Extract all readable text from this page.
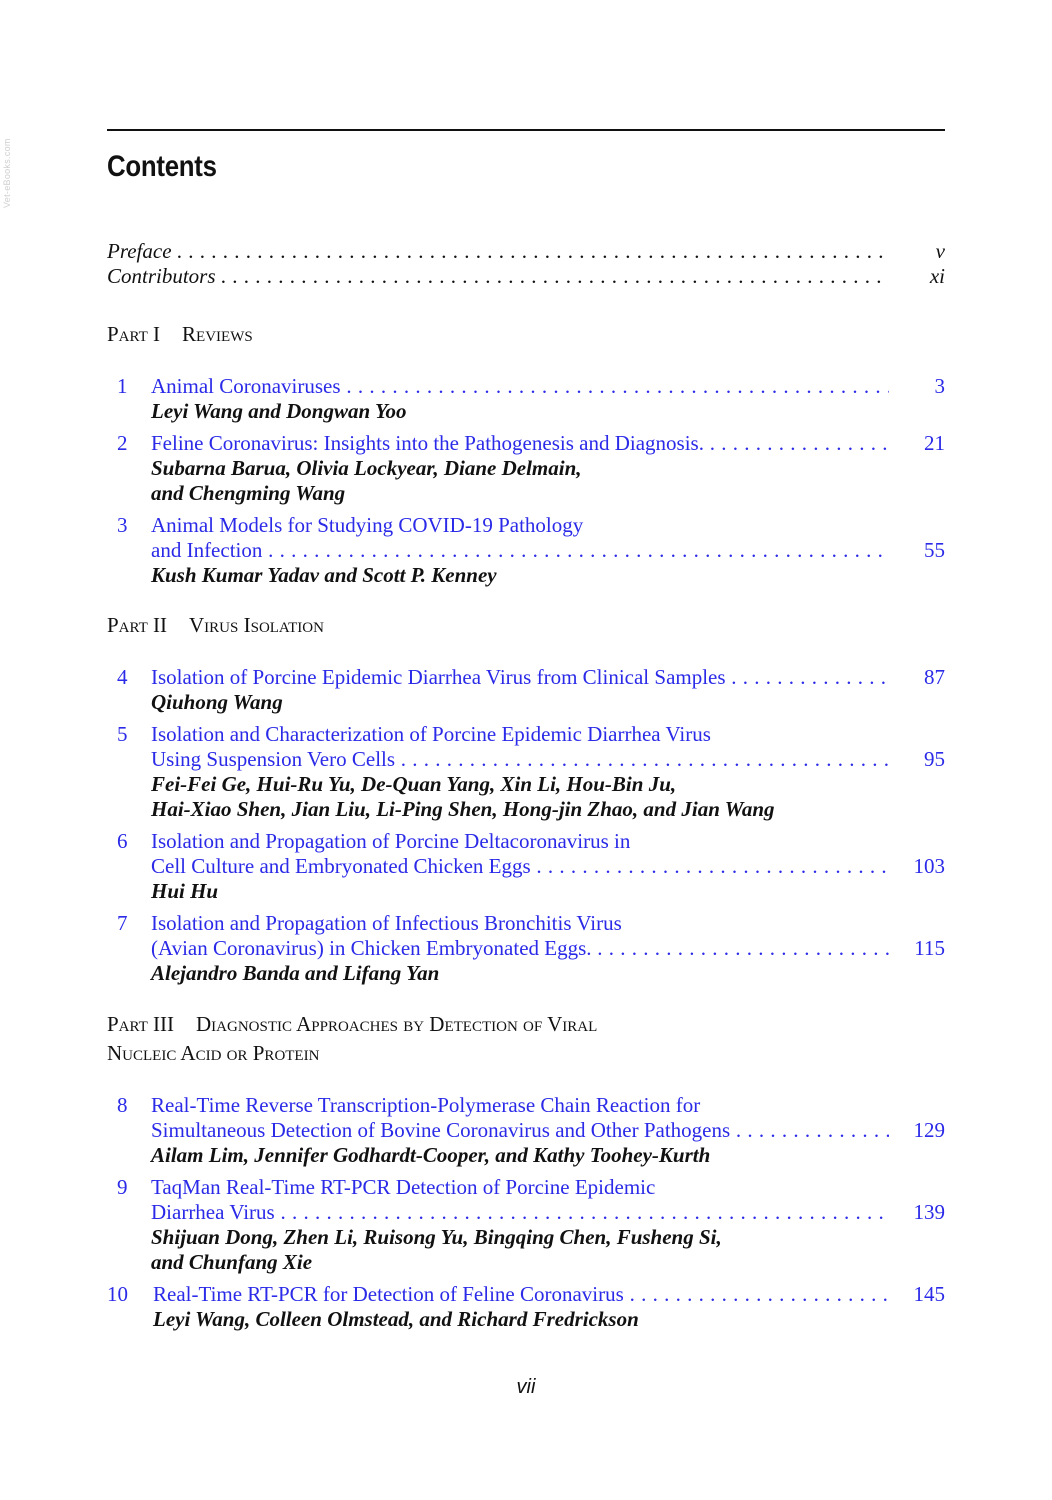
Vet-eBooks.com	Contents
Preface . . .	v
Contributors . . .	xi
Part I Reviews
1	Animal Coronaviruses . . .	3
Leyi Wang and Dongwan Yoo
2	Feline Coronavirus: Insights into the Pathogenesis and Diagnosis. . . .	21
Subarna Barua, Olivia Lockyear, Diane Delmain,
and Chengming Wang
3	Animal Models for Studying COVID-19 Pathology
and Infection . . .	55
Kush Kumar Yadav and Scott P. Kenney
Part II Virus Isolation
4	Isolation of Porcine Epidemic Diarrhea Virus from Clinical Samples . . .	87
Qiuhong Wang
5	Isolation and Characterization of Porcine Epidemic Diarrhea Virus
Using Suspension Vero Cells . . .	95
Fei-Fei Ge, Hui-Ru Yu, De-Quan Yang, Xin Li, Hou-Bin Ju,
Hai-Xiao Shen, Jian Liu, Li-Ping Shen, Hong-jin Zhao, and Jian Wang
6	Isolation and Propagation of Porcine Deltacoronavirus in
Cell Culture and Embryonated Chicken Eggs . . .	103
Hui Hu
7	Isolation and Propagation of Infectious Bronchitis Virus
(Avian Coronavirus) in Chicken Embryonated Eggs. . . .	115
Alejandro Banda and Lifang Yan
Part III Diagnostic Approaches by Detection of Viral
Nucleic Acid or Protein
8	Real-Time Reverse Transcription-Polymerase Chain Reaction for
Simultaneous Detection of Bovine Coronavirus and Other Pathogens . . .	129
Ailam Lim, Jennifer Godhardt-Cooper, and Kathy Toohey-Kurth
9	TaqMan Real-Time RT-PCR Detection of Porcine Epidemic
Diarrhea Virus . . .	139
Shijuan Dong, Zhen Li, Ruisong Yu, Bingqing Chen, Fusheng Si,
and Chunfang Xie
10	Real-Time RT-PCR for Detection of Feline Coronavirus . . .	145
Leyi Wang, Colleen Olmstead, and Richard Fredrickson
vii
